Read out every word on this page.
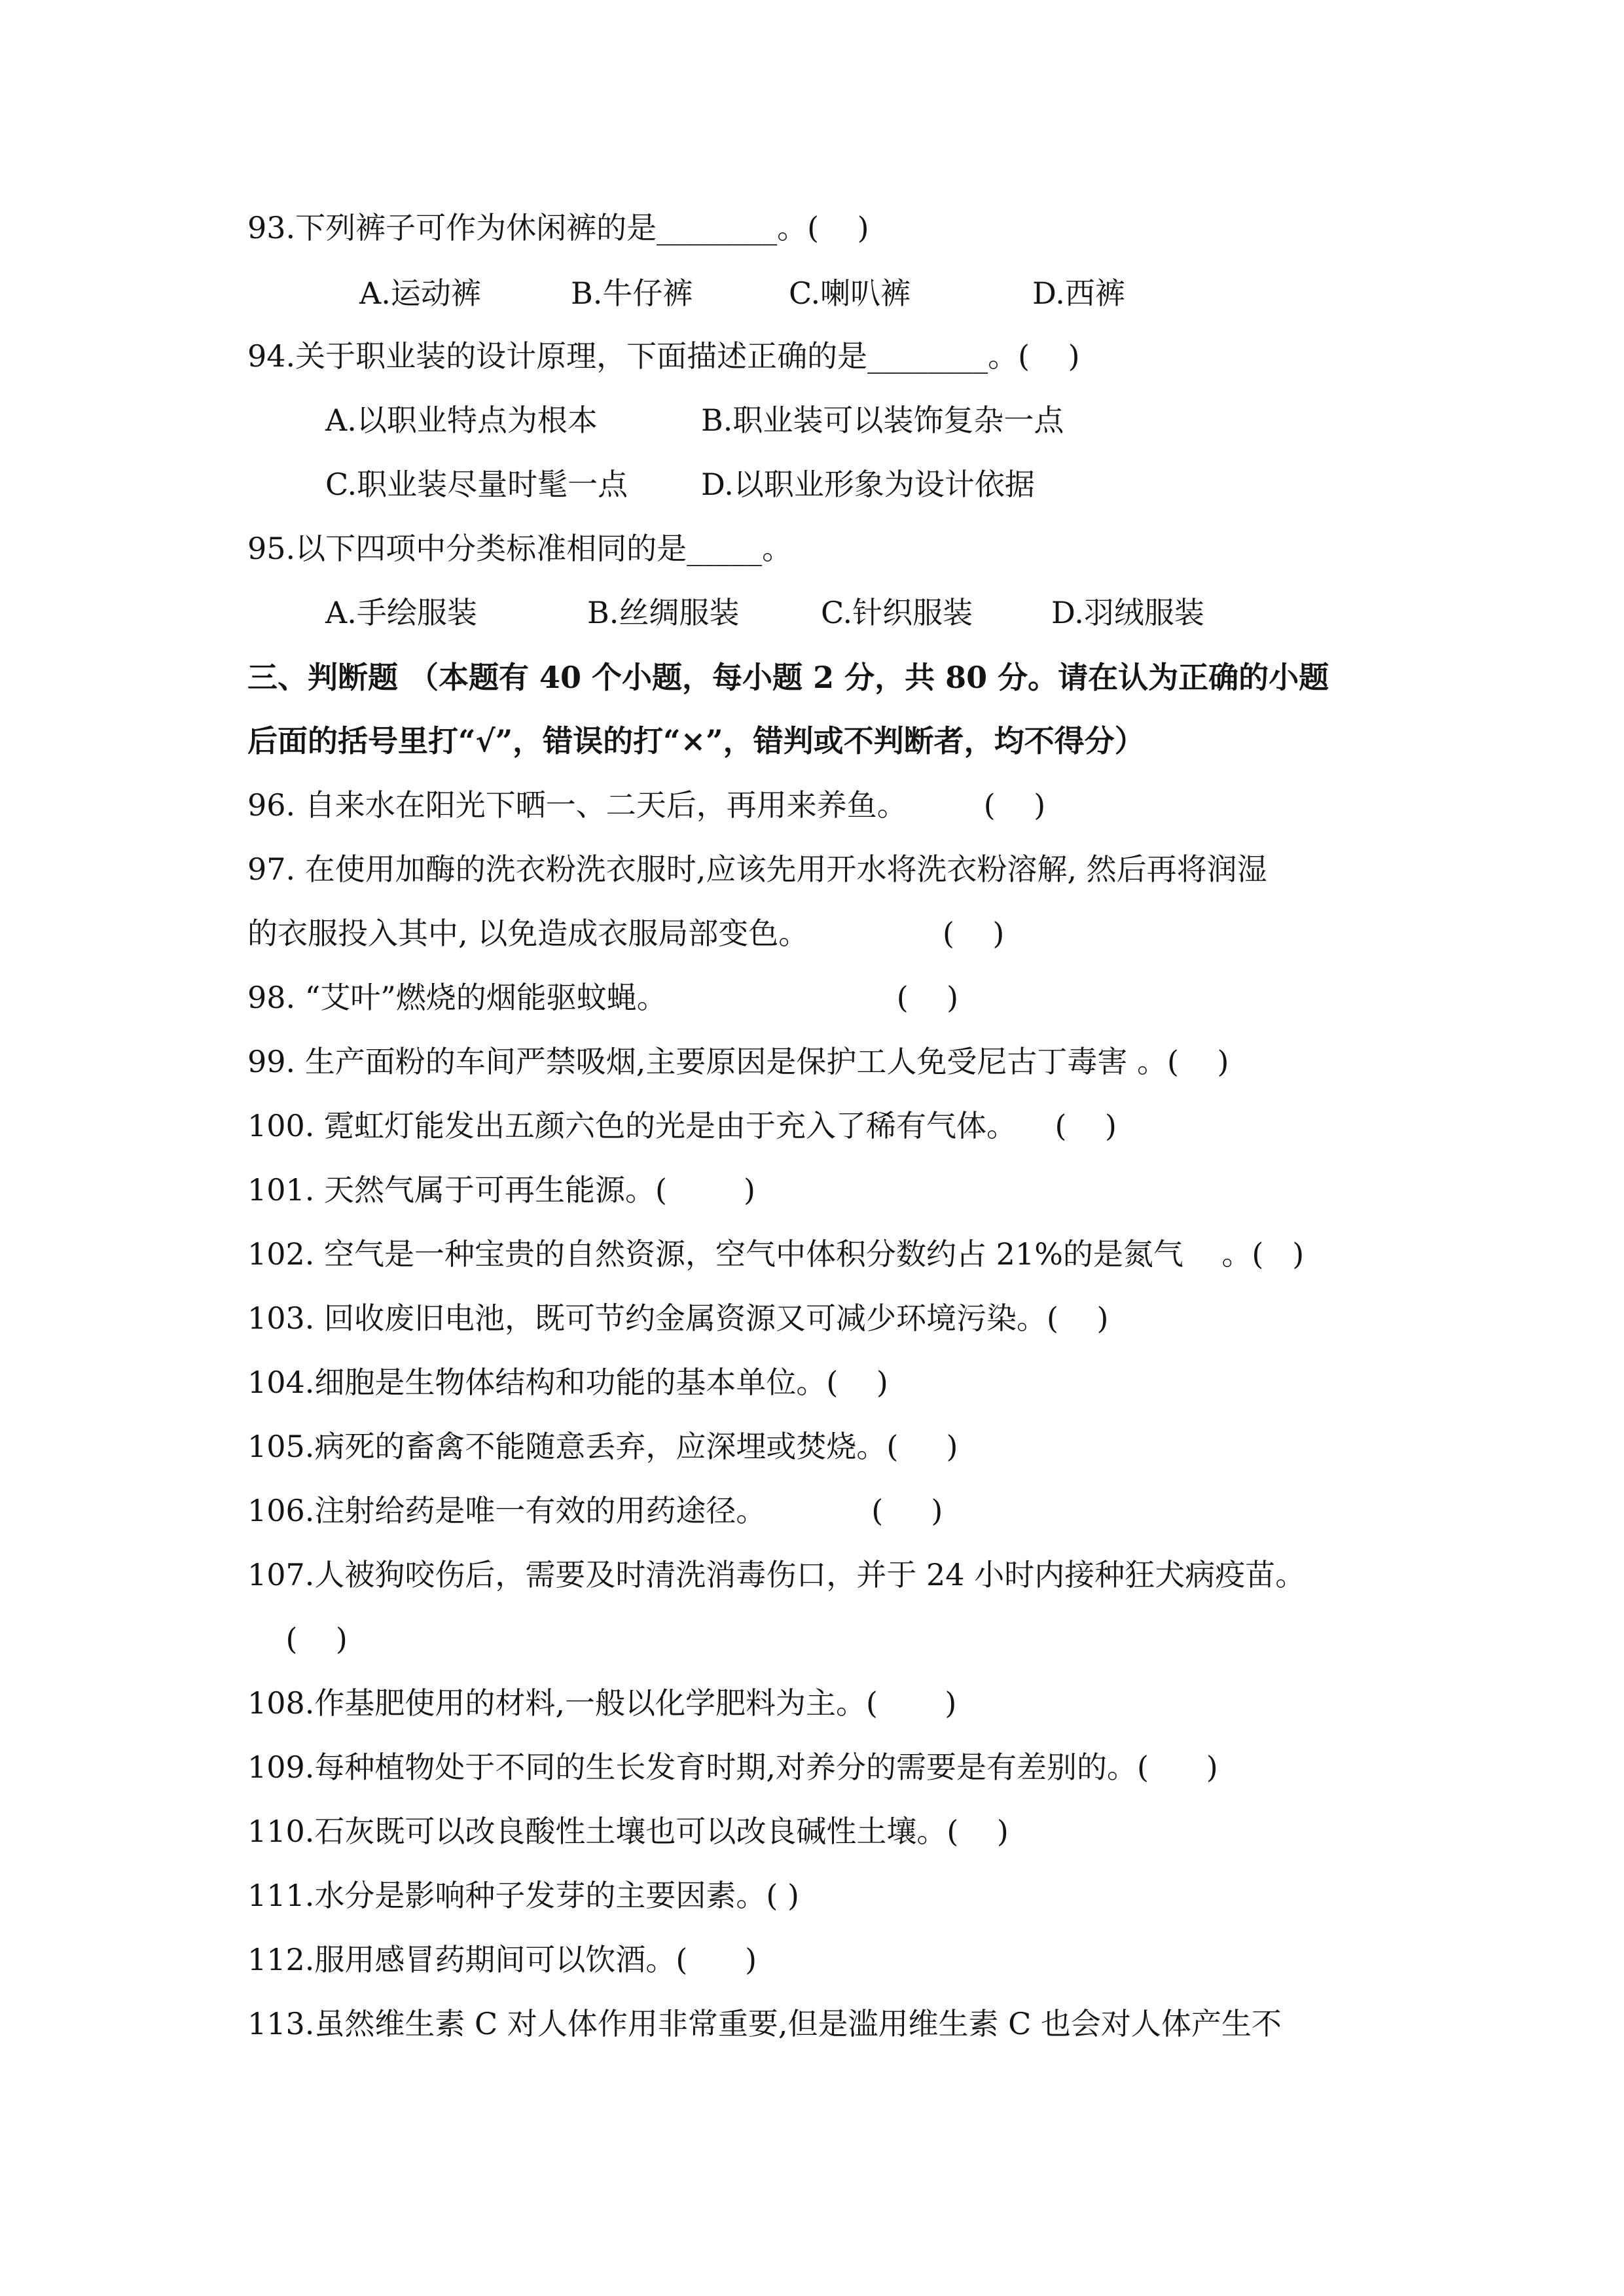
93.下列裤子可作为休闲裤的是________。(    )
A.运动裤	B.牛仔裤	C.喇叭裤	D.西裤
94.关于职业装的设计原理，下面描述正确的是________。(    )
A.以职业特点为根本	B.职业装可以装饰复杂一点
C.职业装尽量时髦一点 D.以职业形象为设计依据
95.以下四项中分类标准相同的是_____。
A.手绘服装	B.丝绸服装	C.针织服装	D.羽绒服装
三、判断题 （本题有 40 个小题，每小题 2 分，共 80 分。请在认为正确的小题
后面的括号里打“√”，错误的打“×”，错判或不判断者，均不得分）
96. 自来水在阳光下晒一、二天后，再用来养鱼。        (    )
97. 在使用加酶的洗衣粉洗衣服时,应该先用开水将洗衣粉溶解, 然后再将润湿
的衣服投入其中, 以免造成衣服局部变色。              (    )
98. “艾叶”燃烧的烟能驱蚊蝇。                        (    )
99. 生产面粉的车间严禁吸烟,主要原因是保护工人免受尼古丁毒害 。(    )
100. 霓虹灯能发出五颜六色的光是由于充入了稀有气体。    (    )
101. 天然气属于可再生能源。(        )
102. 空气是一种宝贵的自然资源，空气中体积分数约占 21%的是氮气    。(   )
103. 回收废旧电池，既可节约金属资源又可减少环境污染。(    )
104.细胞是生物体结构和功能的基本单位。(    )
105.病死的畜禽不能随意丢弃，应深埋或焚烧。(     )
106.注射给药是唯一有效的用药途径。           (     )
107.人被狗咬伤后，需要及时清洗消毒伤口，并于 24 小时内接种狂犬病疫苗。
(    )
108.作基肥使用的材料,一般以化学肥料为主。(       )
109.每种植物处于不同的生长发育时期,对养分的需要是有差别的。(      )
110.石灰既可以改良酸性土壤也可以改良碱性土壤。(    )
111.水分是影响种子发芽的主要因素。( )
112.服用感冒药期间可以饮酒。(      )
113.虽然维生素 C 对人体作用非常重要,但是滥用维生素 C 也会对人体产生不
